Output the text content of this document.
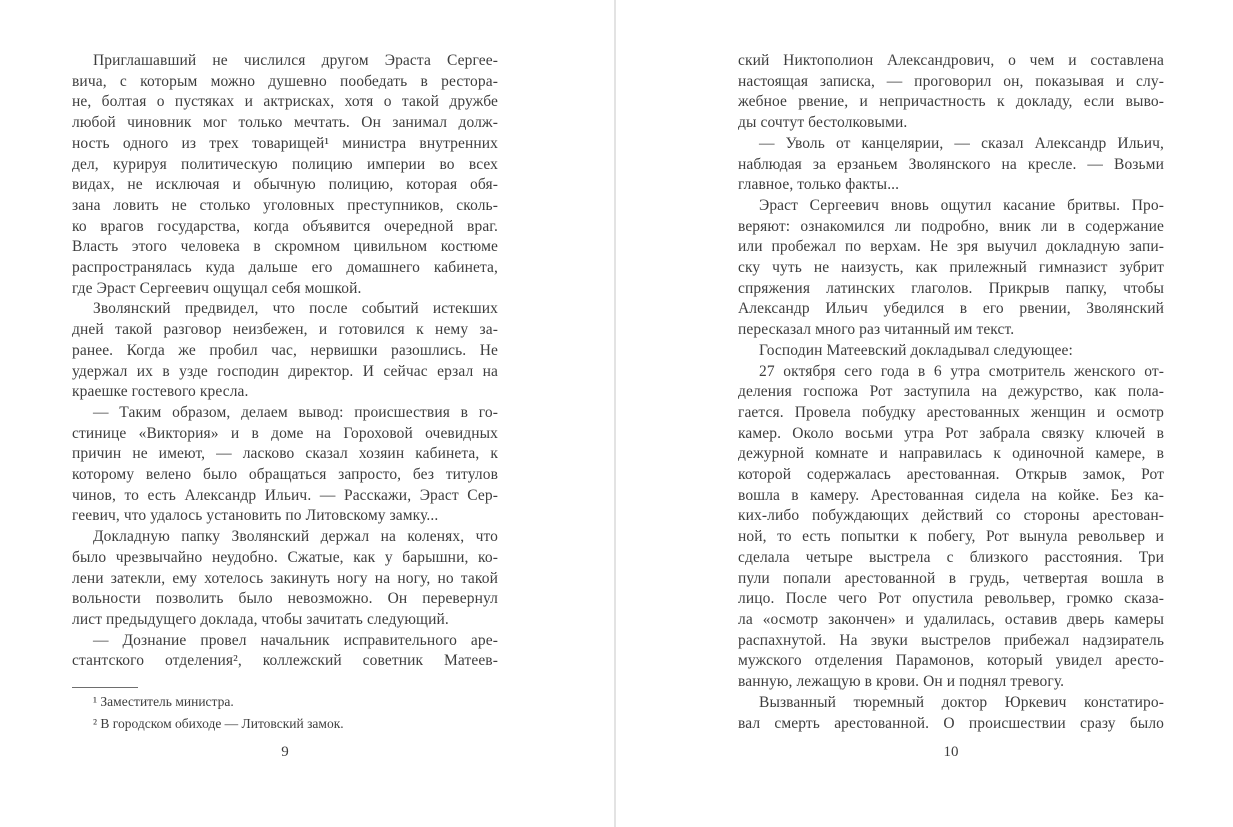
Приглашавший не числился другом Эраста Сергее-
вича, с которым можно душевно пообедать в рестора-
не, болтая о пустяках и актрисках, хотя о такой дружбе
любой чиновник мог только мечтать. Он занимал долж-
ность одного из трех товарищей¹ министра внутренних
дел, курируя политическую полицию империи во всех
видах, не исключая и обычную полицию, которая обя-
зана ловить не столько уголовных преступников, сколь-
ко врагов государства, когда объявится очередной враг.
Власть этого человека в скромном цивильном костюме
распространялась куда дальше его домашнего кабинета,
где Эраст Сергеевич ощущал себя мошкой.
Зволянский предвидел, что после событий истекших
дней такой разговор неизбежен, и готовился к нему за-
ранее. Когда же пробил час, нервишки разошлись. Не
удержал их в узде господин директор. И сейчас ерзал на
краешке гостевого кресла.
— Таким образом, делаем вывод: происшествия в го-
стинице «Виктория» и в доме на Гороховой очевидных
причин не имеют, — ласково сказал хозяин кабинета, к
которому велено было обращаться запросто, без титулов
чинов, то есть Александр Ильич. — Расскажи, Эраст Сер-
геевич, что удалось установить по Литовскому замку...
Докладную папку Зволянский держал на коленях, что
было чрезвычайно неудобно. Сжатые, как у барышни, ко-
лени затекли, ему хотелось закинуть ногу на ногу, но такой
вольности позволить было невозможно. Он перевернул
лист предыдущего доклада, чтобы зачитать следующий.
— Дознание провел начальник исправительного аре-
стантского отделения², коллежский советник Матеев-
¹ Заместитель министра.
² В городском обиходе — Литовский замок.
9
ский Никтополион Александрович, о чем и составлена
настоящая записка, — проговорил он, показывая и слу-
жебное рвение, и непричастность к докладу, если выво-
ды сочтут бестолковыми.
— Уволь от канцелярии, — сказал Александр Ильич,
наблюдая за ерзаньем Зволянского на кресле. — Возьми
главное, только факты...
Эраст Сергеевич вновь ощутил касание бритвы. Про-
веряют: ознакомился ли подробно, вник ли в содержание
или пробежал по верхам. Не зря выучил докладную запи-
ску чуть не наизусть, как прилежный гимназист зубрит
спряжения латинских глаголов. Прикрыв папку, чтобы
Александр Ильич убедился в его рвении, Зволянский
пересказал много раз читанный им текст.
Господин Матеевский докладывал следующее:
27 октября сего года в 6 утра смотритель женского от-
деления госпожа Рот заступила на дежурство, как пола-
гается. Провела побудку арестованных женщин и осмотр
камер. Около восьми утра Рот забрала связку ключей в
дежурной комнате и направилась к одиночной камере, в
которой содержалась арестованная. Открыв замок, Рот
вошла в камеру. Арестованная сидела на койке. Без ка-
ких-либо побуждающих действий со стороны арестован-
ной, то есть попытки к побегу, Рот вынула револьвер и
сделала четыре выстрела с близкого расстояния. Три
пули попали арестованной в грудь, четвертая вошла в
лицо. После чего Рот опустила револьвер, громко сказа-
ла «осмотр закончен» и удалилась, оставив дверь камеры
распахнутой. На звуки выстрелов прибежал надзиратель
мужского отделения Парамонов, который увидел аресто-
ванную, лежащую в крови. Он и поднял тревогу.
Вызванный тюремный доктор Юркевич констатиро-
вал смерть арестованной. О происшествии сразу было
10
